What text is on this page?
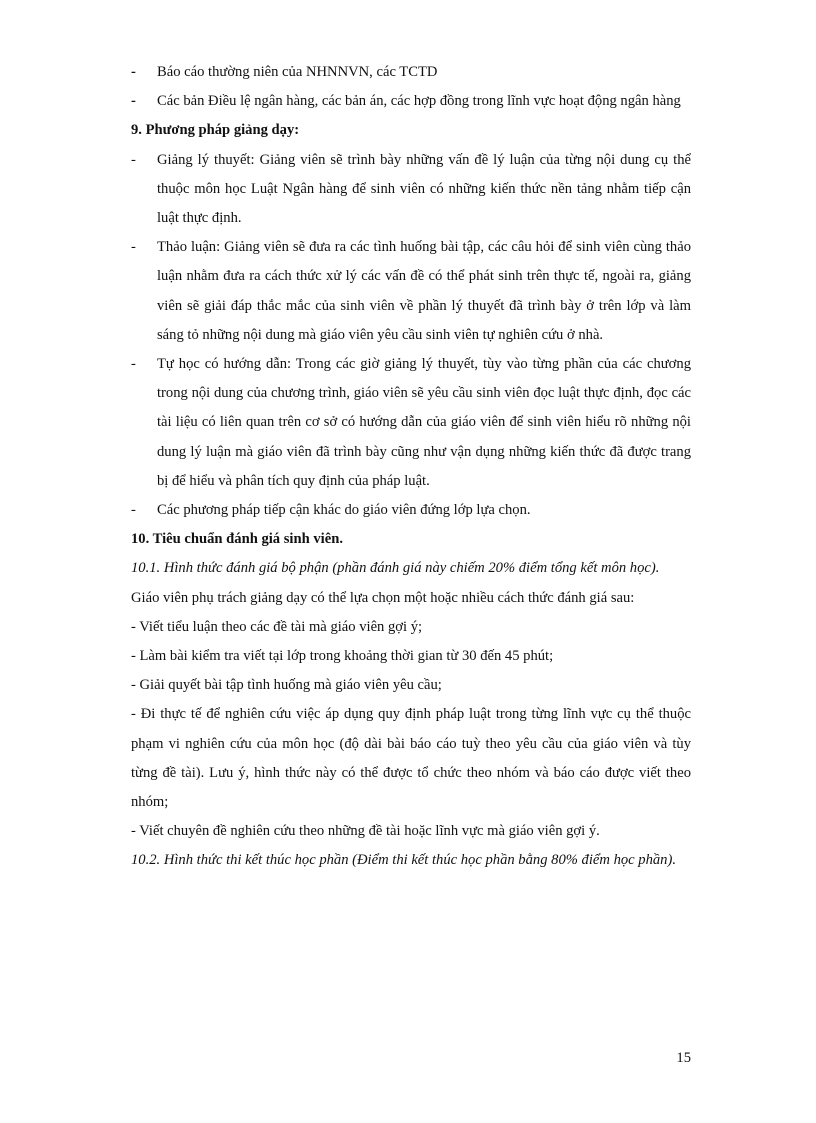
-	Báo cáo thường niên của NHNNVN, các TCTD
-	Các bản Điều lệ ngân hàng, các bản án, các hợp đồng trong lĩnh vực hoạt động ngân hàng
9. Phương pháp giảng dạy:
-	Giảng lý thuyết: Giảng viên sẽ trình bày những vấn đề lý luận của từng nội dung cụ thể thuộc môn học Luật Ngân hàng để sinh viên có những kiến thức nền tảng nhằm tiếp cận luật thực định.
-	Thảo luận: Giảng viên sẽ đưa ra các tình huống bài tập, các câu hỏi để sinh viên cùng thảo luận nhằm đưa ra cách thức xử lý các vấn đề có thể phát sinh trên thực tế, ngoài ra, giảng viên sẽ giải đáp thắc mắc của sinh viên về phần lý thuyết đã trình bày ở trên lớp và làm sáng tỏ những nội dung mà giáo viên yêu cầu sinh viên tự nghiên cứu ở nhà.
-	Tự học có hướng dẫn: Trong các giờ giảng lý thuyết, tùy vào từng phần của các chương trong nội dung của chương trình, giáo viên sẽ yêu cầu sinh viên đọc luật thực định, đọc các tài liệu có liên quan trên cơ sở có hướng dẫn của giáo viên để sinh viên hiểu rõ những nội dung lý luận mà giáo viên đã trình bày cũng như vận dụng những kiến thức đã được trang bị để hiểu và phân tích quy định của pháp luật.
-	Các phương pháp tiếp cận khác do giáo viên đứng lớp lựa chọn.
10. Tiêu chuẩn đánh giá sinh viên.
10.1. Hình thức đánh giá bộ phận (phần đánh giá này chiếm 20% điểm tổng kết môn học).
Giáo viên phụ trách giảng dạy có thể lựa chọn một hoặc nhiều cách thức đánh giá sau:
- Viết tiểu luận theo các đề tài mà giáo viên gợi ý;
- Làm bài kiểm tra viết tại lớp trong khoảng thời gian từ 30 đến 45 phút;
- Giải quyết bài tập tình huống mà giáo viên yêu cầu;
- Đi thực tế để nghiên cứu việc áp dụng quy định pháp luật trong từng lĩnh vực cụ thể thuộc phạm vi nghiên cứu của môn học (độ dài bài báo cáo tuỳ theo yêu cầu của giáo viên và tùy từng đề tài). Lưu ý, hình thức này có thể được tổ chức theo nhóm và báo cáo được viết theo nhóm;
- Viết chuyên đề nghiên cứu theo những đề tài hoặc lĩnh vực mà giáo viên gợi ý.
10.2. Hình thức thi kết thúc học phần (Điểm thi kết thúc học phần bằng 80% điểm học phần).
15
